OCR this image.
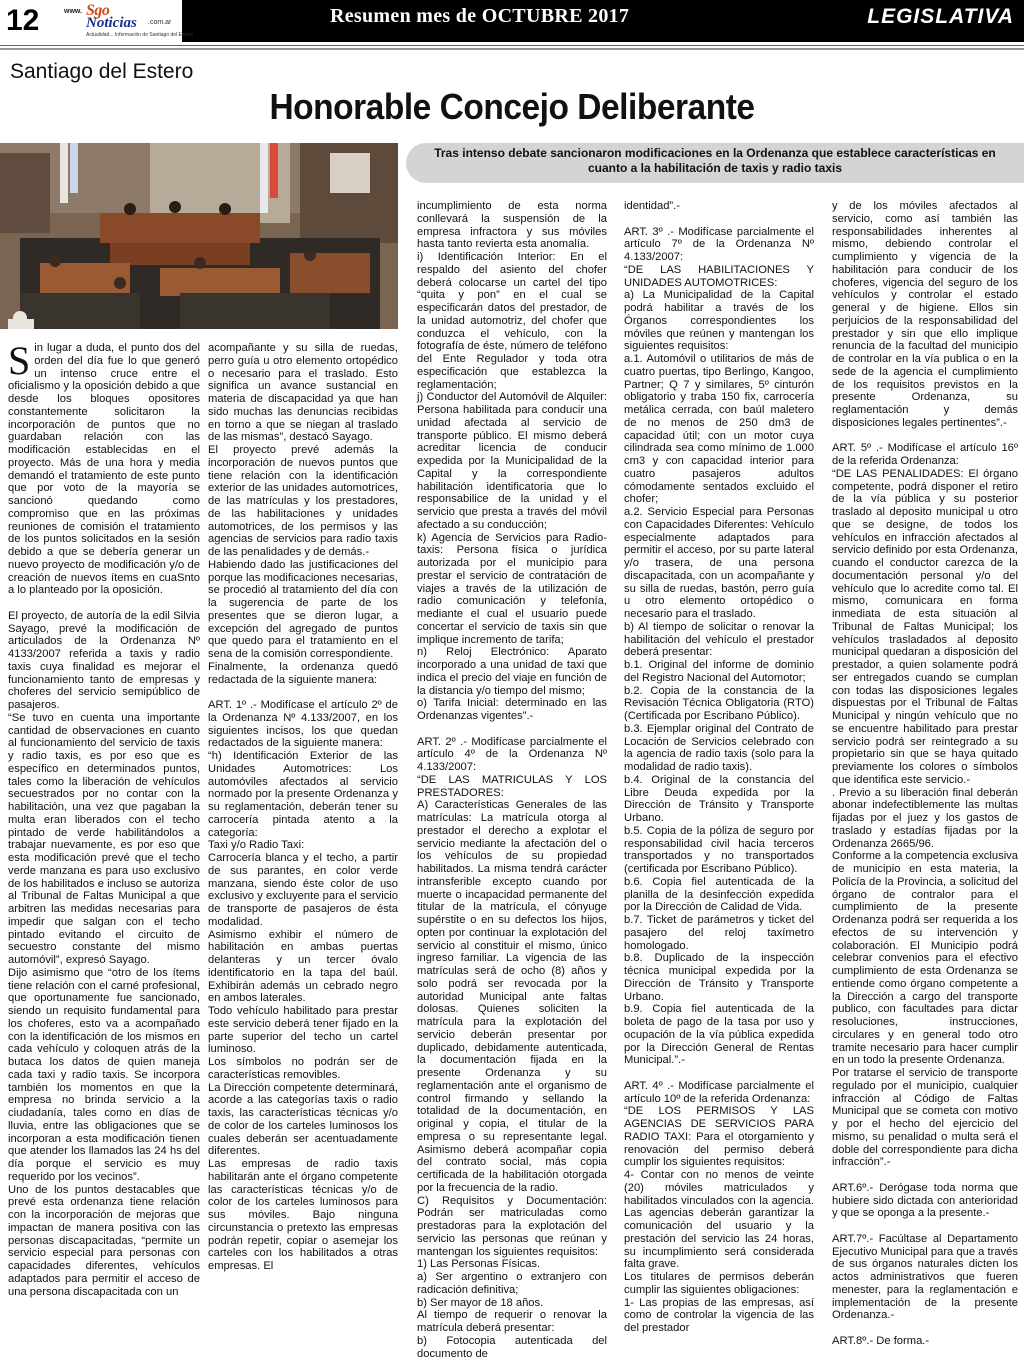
12	www. Sgo
Noticias .com.ar
Actualidad... Información de Santiago del Estero
Resumen mes de OCTUBRE 2017	LEGISLATIVA
Santiago del Estero
Honorable Concejo Deliberante
Tras intenso debate sancionaron modificaciones en la Ordenanza que establece características en cuanto a la habilitación de taxis y radio taxis

S in lugar a duda, el punto dos del orden del día fue lo que generó un intenso cruce entre el oficialismo y la oposición debido a que desde los bloques opositores constantemente solicitaron la incorporación de puntos que no guardaban relación con las modificación establecidas en el proyecto. Más de una hora y media demandó el tratamiento de este punto que por voto de la mayoría se sancionó quedando como compromiso que en las próximas reuniones de comisión el tratamiento de los puntos solicitados en la sesión debido a que se debería generar un nuevo proyecto de modificación y/o de creación de nuevos ítems en cuaSnto a lo planteado por la oposición.

El proyecto, de autoría de la edil Silvia Sayago, prevé la modificación de articulados de la Ordenanza Nº 4133/2007 referida a taxis y radio taxis cuya finalidad es mejorar el funcionamiento tanto de empresas y choferes del servicio semipúblico de pasajeros.

“Se tuvo en cuenta una importante cantidad de observaciones en cuanto al funcionamiento del servicio de taxis y radio taxis, es por eso que es específico en determinados puntos, tales como la liberación de vehículos secuestrados por no contar con la habilitación, una vez que pagaban la multa eran liberados con el techo pintado de verde habilitándolos a trabajar nuevamente, es por eso que esta modificación prevé que el techo verde manzana es para uso exclusivo de los habilitados e incluso se autoriza al Tribunal de Faltas Municipal a que arbitren las medidas necesarias para impedir que salgan con el techo pintado evitando el circuito de secuestro constante del mismo automóvil”, expresó Sayago.

Dijo asimismo que “otro de los ítems tiene relación con el carné profesional, que oportunamente fue sancionado, siendo un requisito fundamental para los choferes, esto va a acompañado con la identificación de los mismos en cada vehículo y coloquen atrás de la butaca los datos de quien maneja cada taxi y radio taxis. Se incorpora también los momentos en que la empresa no brinda servicio a la ciudadanía, tales como en días de lluvia, entre las obligaciones que se incorporan a esta modificación tienen que atender los llamados las 24 hs del día porque el servicio es muy requerido por los vecinos”.

Uno de los puntos destacables que prevé esta ordenanza tiene relación con la incorporación de mejoras que impactan de manera positiva con las personas discapacitadas, “permite un servicio especial para personas con capacidades diferentes, vehículos adaptados para permitir el acceso de una persona discapacitada con un

acompañante y su silla de ruedas, perro guía u otro elemento ortopédico o necesario para el traslado. Esto significa un avance sustancial en materia de discapacidad ya que han sido muchas las denuncias recibidas en torno a que se niegan al traslado de las mismas”, destacó Sayago.

El proyecto prevé además la incorporación de nuevos puntos que tiene relación con la identificación exterior de las unidades automotrices, de las matrículas y los prestadores, de las habilitaciones y unidades automotrices, de los permisos y las agencias de servicios para radio taxis de las penalidades y de demás.-

Habiendo dado las justificaciones del porque las modificaciones necesarias, se procedió al tratamiento del día con la sugerencia de parte de los presentes que se dieron lugar, a excepción del agregado de puntos que quedo para el tratamiento en el sena de la comisión correspondiente.

Finalmente, la ordenanza quedó redactada de la siguiente manera:

ART. 1º .- Modifícase el artículo 2º de la Ordenanza Nº 4.133/2007, en los siguientes incisos, los que quedan redactados de la siguiente manera:

“h) Identificación Exterior de las Unidades Automotrices: Los automóviles afectados al servicio normado por la presente Ordenanza y su reglamentación, deberán tener su carrocería pintada atento a la categoría:

Taxi y/o Radio Taxi:

Carrocería blanca y el techo, a partir de sus parantes, en color verde manzana, siendo éste color de uso exclusivo y excluyente para el servicio de transporte de pasajeros de ésta modalidad.

Asimismo exhibir el número de habilitación en ambas puertas delanteras y un tercer óvalo identificatorio en la tapa del baúl. Exhibirán además un cebrado negro en ambos laterales.

Todo vehículo habilitado para prestar este servicio deberá tener fijado en la parte superior del techo un cartel luminoso.

Los símbolos no podrán ser de características removibles.

La Dirección competente determinará, acorde a las categorías taxis o radio taxis, las características técnicas y/o de color de los carteles luminosos los cuales deberán ser acentuadamente diferentes.

Las empresas de radio taxis habilitarán ante el órgano competente las características técnicas y/o de color de los carteles luminosos para sus móviles. Bajo ninguna circunstancia o pretexto las empresas podrán repetir, copiar o asemejar los carteles con los habilitados a otras empresas. El

incumplimiento de esta norma conllevará la suspensión de la empresa infractora y sus móviles hasta tanto revierta esta anomalía.

i) Identificación Interior: En el respaldo del asiento del chofer deberá colocarse un cartel del tipo “quita y pon” en el cual se especificarán datos del prestador, de la unidad automotriz, del chofer que conduzca el vehículo, con la fotografía de éste, número de teléfono del Ente Regulador y toda otra especificación que establezca la reglamentación;

j) Conductor del Automóvil de Alquiler: Persona habilitada para conducir una unidad afectada al servicio de transporte público. El mismo deberá acreditar licencia de conducir expedida por la Municipalidad de la Capital y la correspondiente habilitación identificatoria que lo responsabilice de la unidad y el servicio que presta a través del móvil afectado a su conducción;

k) Agencia de Servicios para Radio-taxis: Persona física o jurídica autorizada por el municipio para prestar el servicio de contratación de viajes a través de la utilización de radio comunicación y telefonía, mediante el cual el usuario puede concertar el servicio de taxis sin que implique incremento de tarifa;

n) Reloj Electrónico: Aparato incorporado a una unidad de taxi que indica el precio del viaje en función de la distancia y/o tiempo del mismo;

o) Tarifa Inicial: determinado en las Ordenanzas vigentes”.-

ART. 2º .- Modifícase parcialmente el artículo 4º de la Ordenanza Nº 4.133/2007:

“DE LAS MATRICULAS Y LOS PRESTADORES:

A) Características Generales de las matrículas: La matrícula otorga al prestador el derecho a explotar el servicio mediante la afectación del o los vehículos de su propiedad habilitados. La misma tendrá carácter intransferible excepto cuando por muerte o incapacidad permanente del titular de la matrícula, el cónyuge supérstite o en su defectos los hijos, opten por continuar la explotación del servicio al constituir el mismo, único ingreso familiar. La vigencia de las matrículas será de ocho (8) años y solo podrá ser revocada por la autoridad Municipal ante faltas dolosas. Quienes soliciten la matrícula para la explotación del servicio deberán presentar por duplicado, debidamente autenticada, la documentación fijada en la presente Ordenanza y su reglamentación ante el organismo de control firmando y sellando la totalidad de la documentación, en original y copia, el titular de la empresa o su representante legal. Asimismo deberá acompañar copia del contrato social, más copia certificada de la habilitación otorgada por la frecuencia de la radio.

C) Requisitos y Documentación: Podrán ser matriculadas como prestadoras para la explotación del servicio las personas que reúnan y mantengan los siguientes requisitos:

1) Las Personas Físicas.

a) Ser argentino o extranjero con radicación definitiva;

b) Ser mayor de 18 años.

Al tiempo de requerir o renovar la matrícula deberá presentar:

b) Fotocopia autenticada del documento de

identidad”.-

ART. 3º .- Modifícase parcialmente el artículo 7º de la Ordenanza Nº 4.133/2007:

“DE LAS HABILITACIONES Y UNIDADES AUTOMOTRICES:

a) La Municipalidad de la Capital podrá habilitar a través de los Órganos correspondientes los móviles que reúnen y mantengan los siguientes requisitos:

a.1. Automóvil o utilitarios de más de cuatro puertas, tipo Berlingo, Kangoo, Partner; Q 7 y similares, 5º cinturón obligatorio y traba 150 fix, carrocería metálica cerrada, con baúl maletero de no menos de 250 dm3 de capacidad útil; con un motor cuya cilindrada sea como mínimo de 1.000 cm3 y con capacidad interior para cuatro pasajeros adultos cómodamente sentados excluido el chofer;

a.2. Servicio Especial para Personas con Capacidades Diferentes: Vehículo especialmente adaptados para permitir el acceso, por su parte lateral y/o trasera, de una persona discapacitada, con un acompañante y su silla de ruedas, bastón, perro guía u otro elemento ortopédico o necesario para el traslado.

b) Al tiempo de solicitar o renovar la habilitación del vehículo el prestador deberá presentar:

b.1. Original del informe de dominio del Registro Nacional del Automotor;

b.2. Copia de la constancia de la Revisación Técnica Obligatoria (RTO) (Certificada por Escribano Público).

b.3. Ejemplar original del Contrato de Locación de Servicios celebrado con la agencia de radio taxis (solo para la modalidad de radio taxis).

b.4. Original de la constancia del Libre Deuda expedida por la Dirección de Tránsito y Transporte Urbano.

b.5. Copia de la póliza de seguro por responsabilidad civil hacia terceros transportados y no transportados (certificada por Escribano Público).

b.6. Copia fiel autenticada de la planilla de la desinfección expedida por la Dirección de Calidad de Vida.

b.7. Ticket de parámetros y ticket del pasajero del reloj taxímetro homologado.

b.8. Duplicado de la inspección técnica municipal expedida por la Dirección de Tránsito y Transporte Urbano.

b.9. Copia fiel autenticada de la boleta de pago de la tasa por uso y ocupación de la vía pública expedida por la Dirección General de Rentas Municipal.”.-

ART. 4º .- Modifícase parcialmente el artículo 10º de la referida Ordenanza:

“DE LOS PERMISOS Y LAS AGENCIAS DE SERVICIOS PARA RADIO TAXI: Para el otorgamiento y renovación del permiso deberá cumplir los siguientes requisitos:

4- Contar con no menos de veinte (20) móviles matriculados y habilitados vinculados con la agencia. Las agencias deberán garantizar la comunicación del usuario y la prestación del servicio las 24 horas, su incumplimiento será considerada falta grave.

Los titulares de permisos deberán cumplir las siguientes obligaciones:

1- Las propias de las empresas, así como de controlar la vigencia de las del prestador

y de los móviles afectados al servicio, como así también las responsabilidades inherentes al mismo, debiendo controlar el cumplimiento y vigencia de la habilitación para conducir de los choferes, vigencia del seguro de los vehículos y controlar el estado general y de higiene. Ellos sin perjuicios de la responsabilidad del prestador y sin que ello implique renuncia de la facultad del municipio de controlar en la vía publica o en la sede de la agencia el cumplimiento de los requisitos previstos en la presente Ordenanza, su reglamentación y demás disposiciones legales pertinentes”.-

ART. 5º .- Modifícase el artículo 16º de la referida Ordenanza:

“DE LAS PENALIDADES: El órgano competente, podrá disponer el retiro de la vía pública y su posterior traslado al deposito municipal u otro que se designe, de todos los vehículos en infracción afectados al servicio definido por esta Ordenanza, cuando el conductor carezca de la documentación personal y/o del vehículo que lo acredite como tal. El mismo, comunicara en forma inmediata de esta situación al Tribunal de Faltas Municipal; los vehículos trasladados al deposito municipal quedaran a disposición del prestador, a quien solamente podrá ser entregados cuando se cumplan con todas las disposiciones legales dispuestas por el Tribunal de Faltas Municipal y ningún vehículo que no se encuentre habilitado para prestar servicio podrá ser reintegrado a su propietario sin que se haya quitado previamente los colores o símbolos que identifica este servicio.-

. Previo a su liberación final deberán abonar indefectiblemente las multas fijadas por el juez y los gastos de traslado y estadías fijadas por la Ordenanza 2665/96.

Conforme a la competencia exclusiva de municipio en esta materia, la Policía de la Provincia, a solicitud del órgano de contralor para el cumplimiento de la presente Ordenanza podrá ser requerida a los efectos de su intervención y colaboración. El Municipio podrá celebrar convenios para el efectivo cumplimiento de esta Ordenanza se entiende como órgano competente a la Dirección a cargo del transporte publico, con facultades para dictar resoluciones, instrucciones, circulares y en general todo otro tramite necesario para hacer cumplir en un todo la presente Ordenanza.

Por tratarse el servicio de transporte regulado por el municipio, cualquier infracción al Código de Faltas Municipal que se cometa con motivo y por el hecho del ejercicio del mismo, su penalidad o multa será el doble del correspondiente para dicha infracción”.-

ART.6º.- Derógase toda norma que hubiere sido dictada con anterioridad y que se oponga a la presente.-

ART.7º.- Facúltase al Departamento Ejecutivo Municipal para que a través de sus órganos naturales dicten los actos administrativos que fueren menester, para la reglamentación e implementación de la presente Ordenanza.-

ART.8º.- De forma.-
